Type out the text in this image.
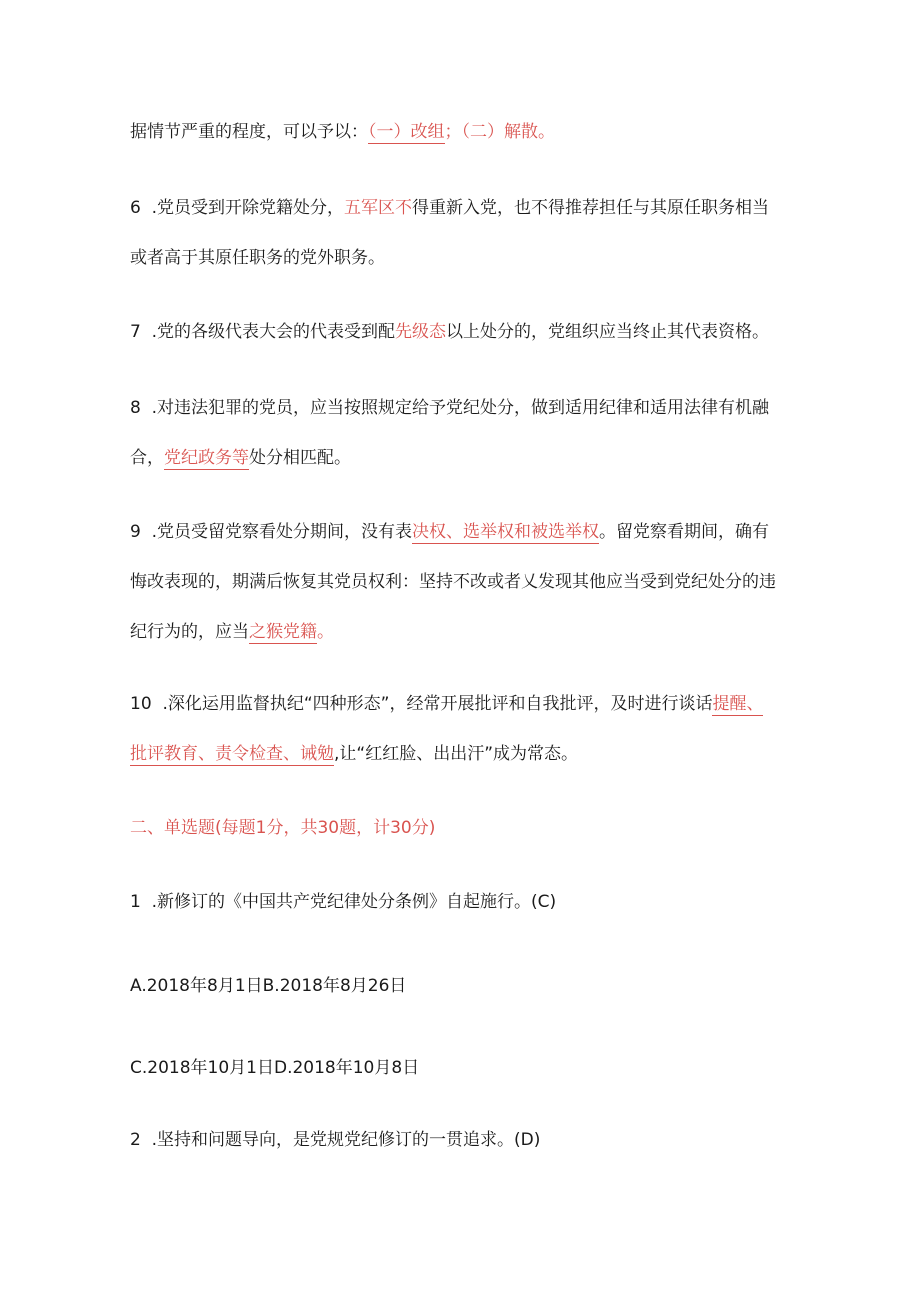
据情节严重的程度，可以予以：（一）改组；（二）解散。
6  .党员受到开除党籍处分，五军区不得重新入党，也不得推荐担任与其原任职务相当
或者高于其原任职务的党外职务。
7  .党的各级代表大会的代表受到配先级态以上处分的，党组织应当终止其代表资格。
8  .对违法犯罪的党员，应当按照规定给予党纪处分，做到适用纪律和适用法律有机融
合，党纪政务等处分相匹配。
9  .党员受留党察看处分期间，没有表决权、选举权和被选举权。留党察看期间，确有
悔改表现的，期满后恢复其党员权利：坚持不改或者乂发现其他应当受到党纪处分的违
纪行为的，应当之猴党籍。
10  .深化运用监督执纪“四种形态”，经常开展批评和自我批评，及时进行谈话提醒、
批评教育、责令检查、诫勉,让“红红脸、出出汗”成为常态。
二、单选题(每题1分，共30题，计30分)
1  .新修订的《中国共产党纪律处分条例》自起施行。(C)
A.2018年8月1日B.2018年8月26日
C.2018年10月1日D.2018年10月8日
2  .坚持和问题导向，是党规党纪修订的一贯追求。(D)
